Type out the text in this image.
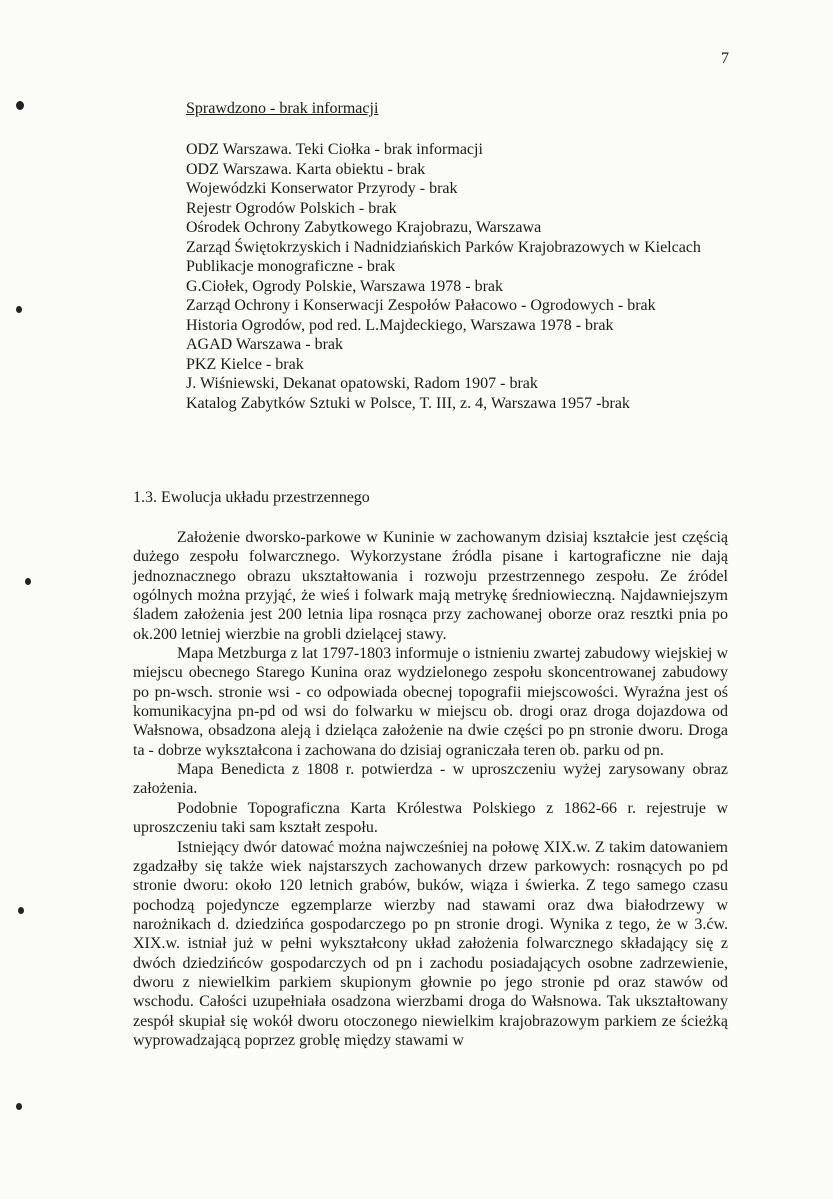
7
Sprawdzono - brak informacji
ODZ Warszawa. Teki Ciołka - brak informacji
ODZ Warszawa. Karta obiektu - brak
Wojewódzki Konserwator Przyrody - brak
Rejestr Ogrodów Polskich - brak
Ośrodek Ochrony Zabytkowego Krajobrazu, Warszawa
Zarząd Świętokrzyskich i Nadnidziańskich Parków Krajobrazowych w Kielcach
Publikacje monograficzne - brak
G.Ciołek, Ogrody Polskie, Warszawa 1978 - brak
Zarząd Ochrony i Konserwacji Zespołów Pałacowo - Ogrodowych - brak
Historia Ogrodów, pod red. L.Majdeckiego, Warszawa 1978 - brak
AGAD Warszawa - brak
PKZ Kielce - brak
J. Wiśniewski, Dekanat opatowski, Radom 1907 - brak
Katalog Zabytków Sztuki w Polsce, T. III, z. 4, Warszawa 1957 -brak
1.3. Ewolucja układu przestrzennego

Założenie dworsko-parkowe w Kuninie w zachowanym dzisiaj kształcie jest częścią dużego zespołu folwarcznego. Wykorzystane źródla pisane i kartograficzne nie dają jednoznacznego obrazu ukształtowania i rozwoju przestrzennego zespołu. Ze źródel ogólnych można przyjąć, że wieś i folwark mają metrykę średniowieczną. Najdawniejszym śladem założenia jest 200 letnia lipa rosnąca przy zachowanej oborze oraz resztki pnia po ok.200 letniej wierzbie na grobli dzielącej stawy.

Mapa Metzburga z lat 1797-1803 informuje o istnieniu zwartej zabudowy wiejskiej w miejscu obecnego Starego Kunina oraz wydzielonego zespołu skoncentrowanej zabudowy po pn-wsch. stronie wsi - co odpowiada obecnej topografii miejscowości. Wyraźna jest oś komunikacyjna pn-pd od wsi do folwarku w miejscu ob. drogi oraz droga dojazdowa od Wałsnowa, obsadzona aleją i dzieląca założenie na dwie części po pn stronie dworu. Droga ta - dobrze wykształcona i zachowana do dzisiaj ograniczała teren ob. parku od pn.

Mapa Benedicta z 1808 r. potwierdza - w uproszczeniu wyżej zarysowany obraz założenia.

Podobnie Topograficzna Karta Królestwa Polskiego z 1862-66 r. rejestruje w uproszczeniu taki sam kształt zespołu.

Istniejący dwór datować można najwcześniej na połowę XIX.w. Z takim datowaniem zgadzałby się także wiek najstarszych zachowanych drzew parkowych: rosnących po pd stronie dworu: około 120 letnich grabów, buków, wiąza i świerka. Z tego samego czasu pochodzą pojedyncze egzemplarze wierzby nad stawami oraz dwa białodrzewy w narożnikach d. dziedzińca gospodarczego po pn stronie drogi. Wynika z tego, że w 3.ćw. XIX.w. istniał już w pełni wykształcony układ założenia folwarcznego składający się z dwóch dziedzińców gospodarczych od pn i zachodu posiadających osobne zadrzewienie, dworu z niewielkim parkiem skupionym głownie po jego stronie pd oraz stawów od wschodu. Całości uzupełniała osadzona wierzbami droga do Wałsnowa. Tak ukształtowany zespół skupiał się wokół dworu otoczonego niewielkim krajobrazowym parkiem ze ścieżką wyprowadzającą poprzez groblę między stawami w
